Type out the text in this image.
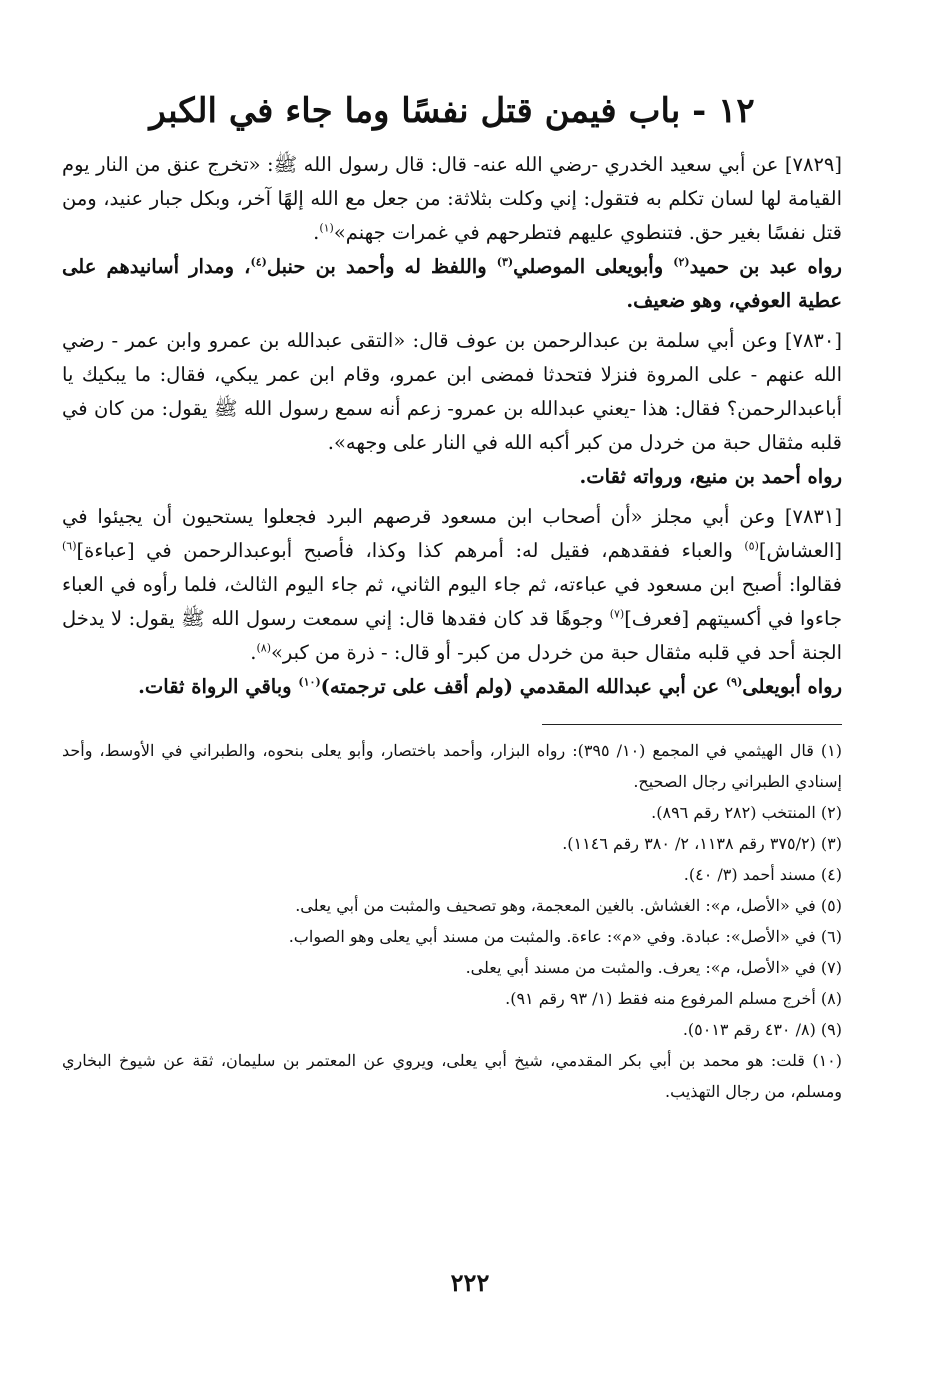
١٢ - باب فيمن قتل نفسًا وما جاء في الكبر

[٧٨٢٩] عن أبي سعيد الخدري -رضي الله عنه- قال: قال رسول الله ﷺ: «تخرج عنق من النار يوم القيامة لها لسان تكلم به فتقول: إني وكلت بثلاثة: من جعل مع الله إلهًا آخر، وبكل جبار عنيد، ومن قتل نفسًا بغير حق. فتنطوي عليهم فتطرحهم في غمرات جهنم»$^{(١)}$.

رواه عبد بن حميد$^{(٢)}$ وأبويعلى الموصلي$^{(٣)}$ واللفظ له وأحمد بن حنبل$^{(٤)}$، ومدار أسانيدهم على عطية العوفي، وهو ضعيف.

[٧٨٣٠] وعن أبي سلمة بن عبدالرحمن بن عوف قال: «التقى عبدالله بن عمرو وابن عمر - رضي الله عنهم - على المروة فنزلا فتحدثا فمضى ابن عمرو، وقام ابن عمر يبكي، فقال: ما يبكيك يا أباعبدالرحمن؟ فقال: هذا -يعني عبدالله بن عمرو- زعم أنه سمع رسول الله ﷺ يقول: من كان في قلبه مثقال حبة من خردل من كبر أكبه الله في النار على وجهه».

رواه أحمد بن منيع، ورواته ثقات.

[٧٨٣١] وعن أبي مجلز «أن أصحاب ابن مسعود قرصهم البرد فجعلوا يستحيون أن يجيئوا في [العشاش]$^{(٥)}$ والعباء ففقدهم، فقيل له: أمرهم كذا وكذا، فأصبح أبوعبدالرحمن في [عباءة]$^{(٦)}$ فقالوا: أصبح ابن مسعود في عباءته، ثم جاء اليوم الثاني، ثم جاء اليوم الثالث، فلما رأوه في العباء جاءوا في أكسيتهم [فعرف]$^{(٧)}$ وجوهًا قد كان فقدها قال: إني سمعت رسول الله ﷺ يقول: لا يدخل الجنة أحد في قلبه مثقال حبة من خردل من كبر- أو قال: - ذرة من كبر»$^{(٨)}$.

رواه أبويعلى$^{(٩)}$ عن أبي عبدالله المقدمي (ولم أقف على ترجمته)$^{(١٠)}$ وباقي الرواة ثقات.

(١) قال الهيثمي في المجمع (١٠/ ٣٩٥): رواه البزار، وأحمد باختصار، وأبو يعلى بنحوه، والطبراني في الأوسط، وأحد إسنادي الطبراني رجال الصحيح.
(٢) المنتخب (٢٨٢ رقم ٨٩٦).
(٣) (٣٧٥/٢ رقم ١١٣٨، ٢/ ٣٨٠ رقم ١١٤٦).
(٤) مسند أحمد (٣/ ٤٠).
(٥) في «الأصل، م»: الغشاش. بالغين المعجمة، وهو تصحيف والمثبت من أبي يعلى.
(٦) في «الأصل»: عبادة. وفي «م»: عاءة. والمثبت من مسند أبي يعلى وهو الصواب.
(٧) في «الأصل، م»: يعرف. والمثبت من مسند أبي يعلى.
(٨) أخرج مسلم المرفوع منه فقط (١/ ٩٣ رقم ٩١).
(٩) (٨/ ٤٣٠ رقم ٥٠١٣).
(١٠) قلت: هو محمد بن أبي بكر المقدمي، شيخ أبي يعلى، ويروي عن المعتمر بن سليمان، ثقة عن شيوخ البخاري ومسلم، من رجال التهذيب.
٢٢٢
